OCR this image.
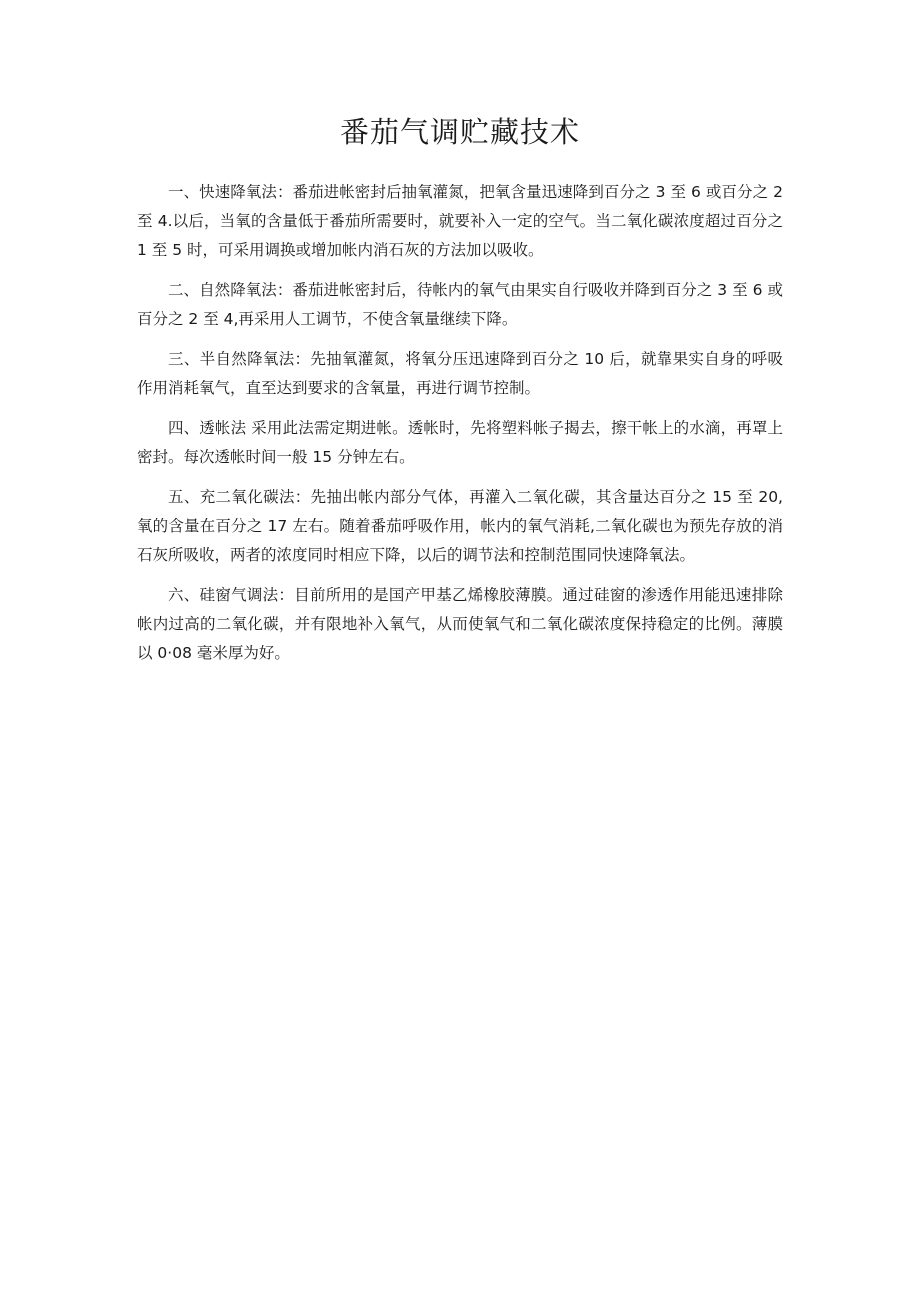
番茄气调贮藏技术

一、快速降氧法：番茄进帐密封后抽氧灌氮，把氧含量迅速降到百分之 3 至 6 或百分之 2 至 4.以后，当氧的含量低于番茄所需要时，就要补入一定的空气。当二氧化碳浓度超过百分之 1 至 5 时，可采用调换或增加帐内消石灰的方法加以吸收。

二、自然降氧法：番茄进帐密封后，待帐内的氧气由果实自行吸收并降到百分之 3 至 6 或百分之 2 至 4,再采用人工调节，不使含氧量继续下降。

三、半自然降氧法：先抽氧灌氮，将氧分压迅速降到百分之 10 后，就靠果实自身的呼吸作用消耗氧气，直至达到要求的含氧量，再进行调节控制。

四、透帐法 采用此法需定期进帐。透帐时，先将塑料帐子揭去，擦干帐上的水滴，再罩上密封。每次透帐时间一般 15 分钟左右。

五、充二氧化碳法：先抽出帐内部分气体，再灌入二氧化碳，其含量达百分之 15 至 20,氧的含量在百分之 17 左右。随着番茄呼吸作用，帐内的氧气消耗,二氧化碳也为预先存放的消石灰所吸收，两者的浓度同时相应下降，以后的调节法和控制范围同快速降氧法。

六、硅窗气调法：目前所用的是国产甲基乙烯橡胶薄膜。通过硅窗的渗透作用能迅速排除帐内过高的二氧化碳，并有限地补入氧气，从而使氧气和二氧化碳浓度保持稳定的比例。薄膜以 0·08 毫米厚为好。
